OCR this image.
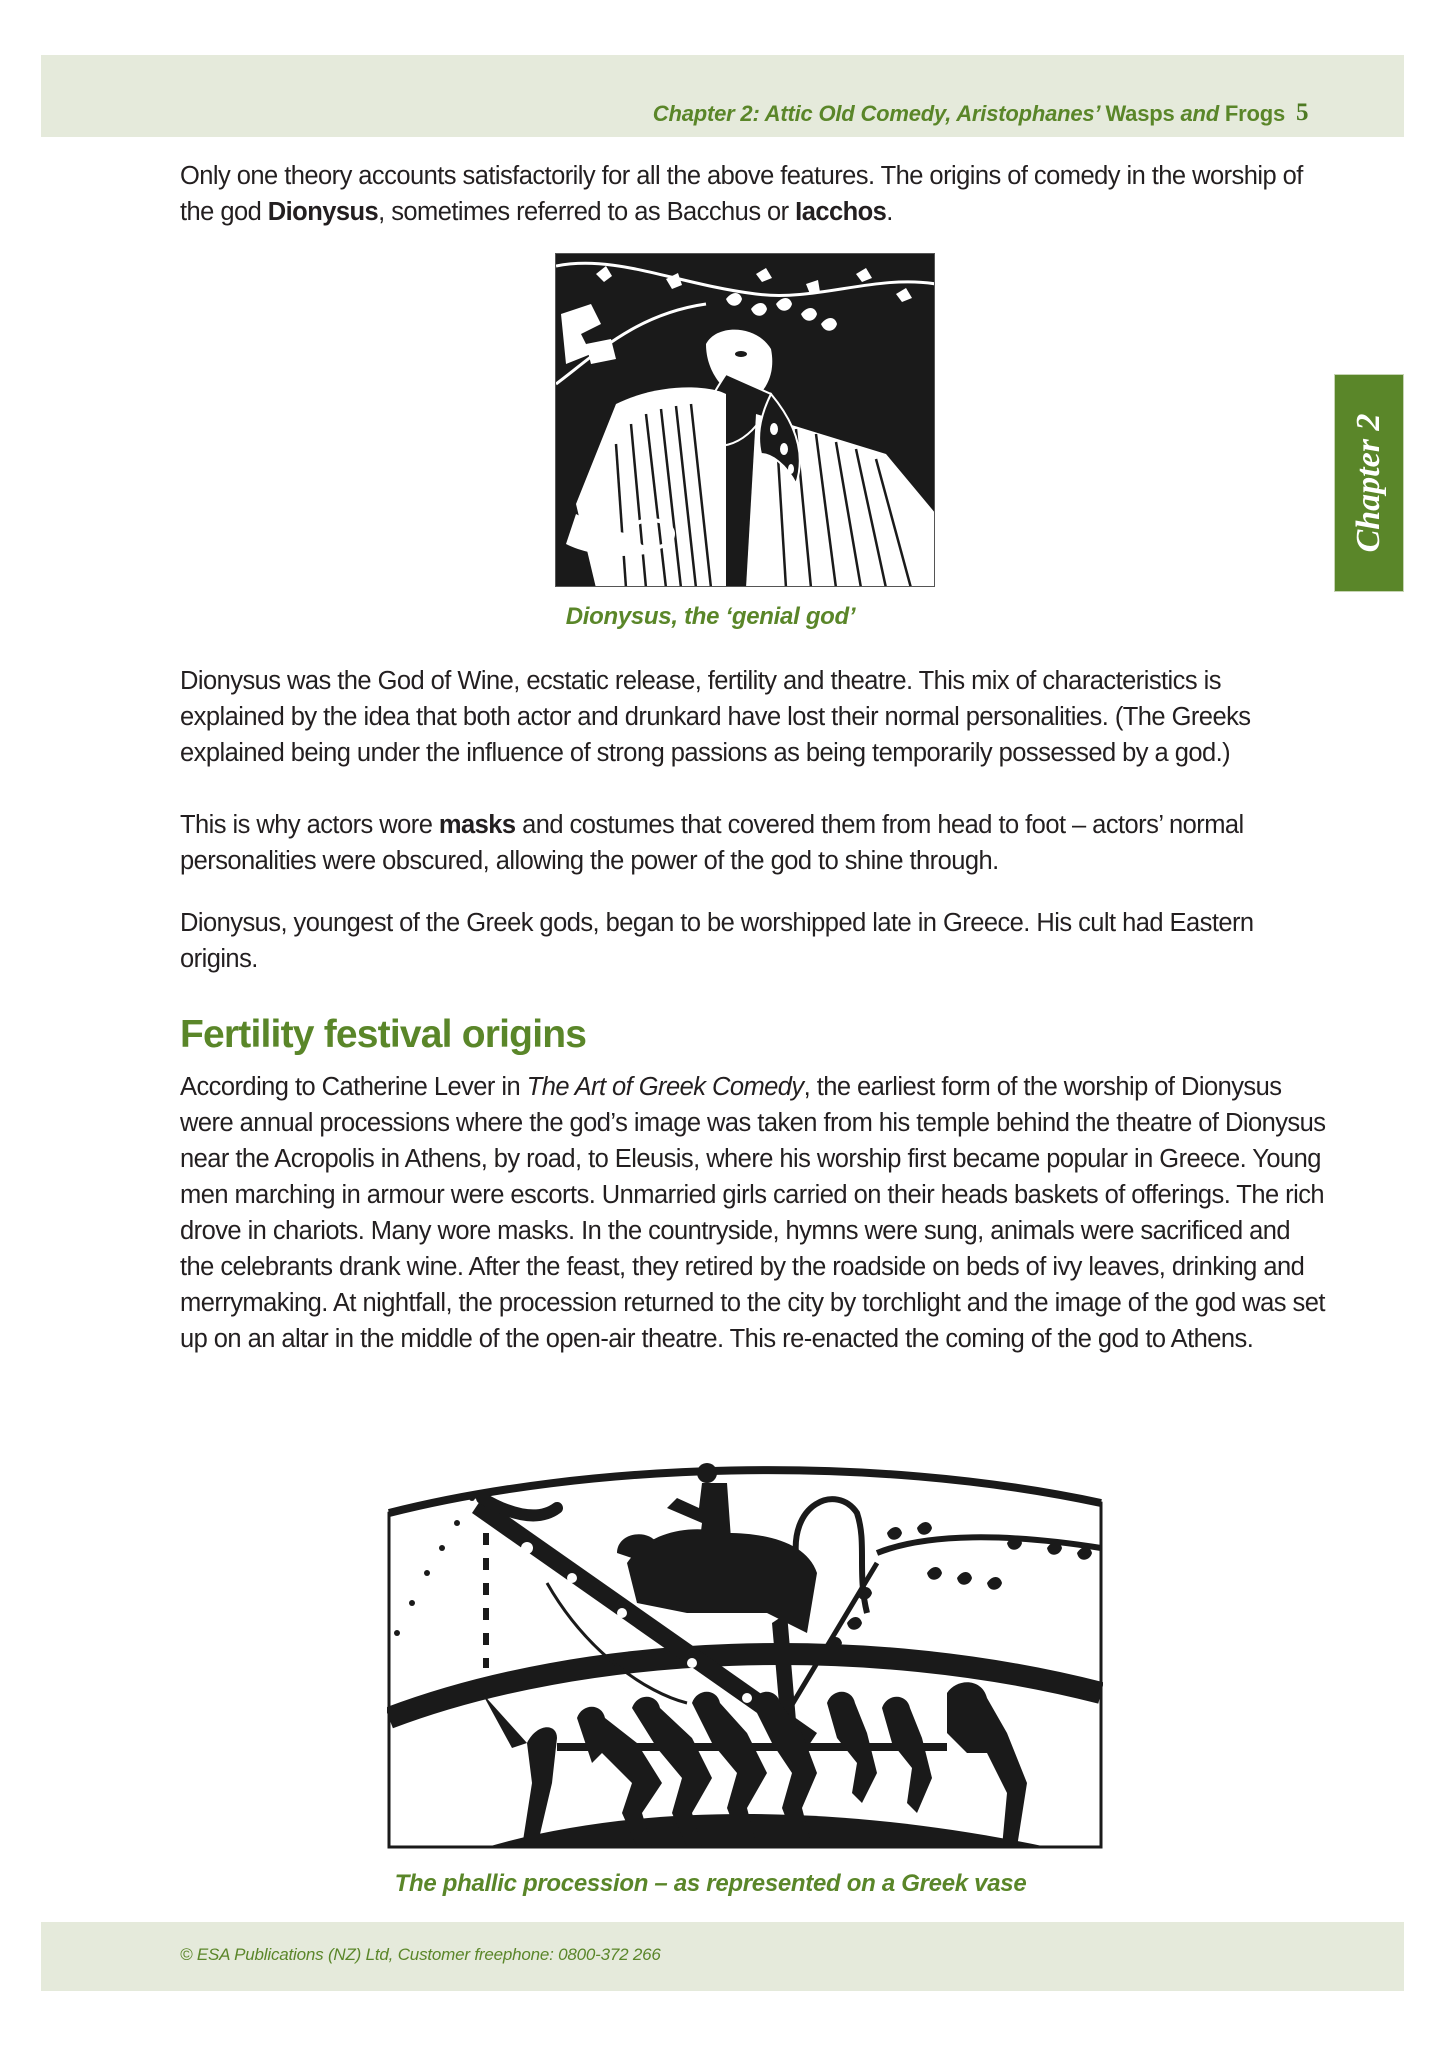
Chapter 2: Attic Old Comedy, Aristophanes’ Wasps and Frogs 5
Chapter 2

Only one theory accounts satisfactorily for all the above features. The origins of comedy in the worship of the god Dionysus, sometimes referred to as Bacchus or Iacchos.

Dionysus, the ‘genial god’

Dionysus was the God of Wine, ecstatic release, fertility and theatre. This mix of characteristics is explained by the idea that both actor and drunkard have lost their normal personalities. (The Greeks explained being under the influence of strong passions as being temporarily possessed by a god.)

This is why actors wore masks and costumes that covered them from head to foot – actors’ normal personalities were obscured, allowing the power of the god to shine through.

Dionysus, youngest of the Greek gods, began to be worshipped late in Greece. His cult had Eastern origins.

Fertility festival origins

According to Catherine Lever in The Art of Greek Comedy, the earliest form of the worship of Dionysus were annual processions where the god’s image was taken from his temple behind the theatre of Dionysus near the Acropolis in Athens, by road, to Eleusis, where his worship first became popular in Greece. Young men marching in armour were escorts. Unmarried girls carried on their heads baskets of offerings. The rich drove in chariots. Many wore masks. In the countryside, hymns were sung, animals were sacrificed and the celebrants drank wine. After the feast, they retired by the roadside on beds of ivy leaves, drinking and merrymaking. At nightfall, the procession returned to the city by torchlight and the image of the god was set up on an altar in the middle of the open-air theatre. This re-enacted the coming of the god to Athens.

The phallic procession – as represented on a Greek vase
© ESA Publications (NZ) Ltd, Customer freephone: 0800-372 266
